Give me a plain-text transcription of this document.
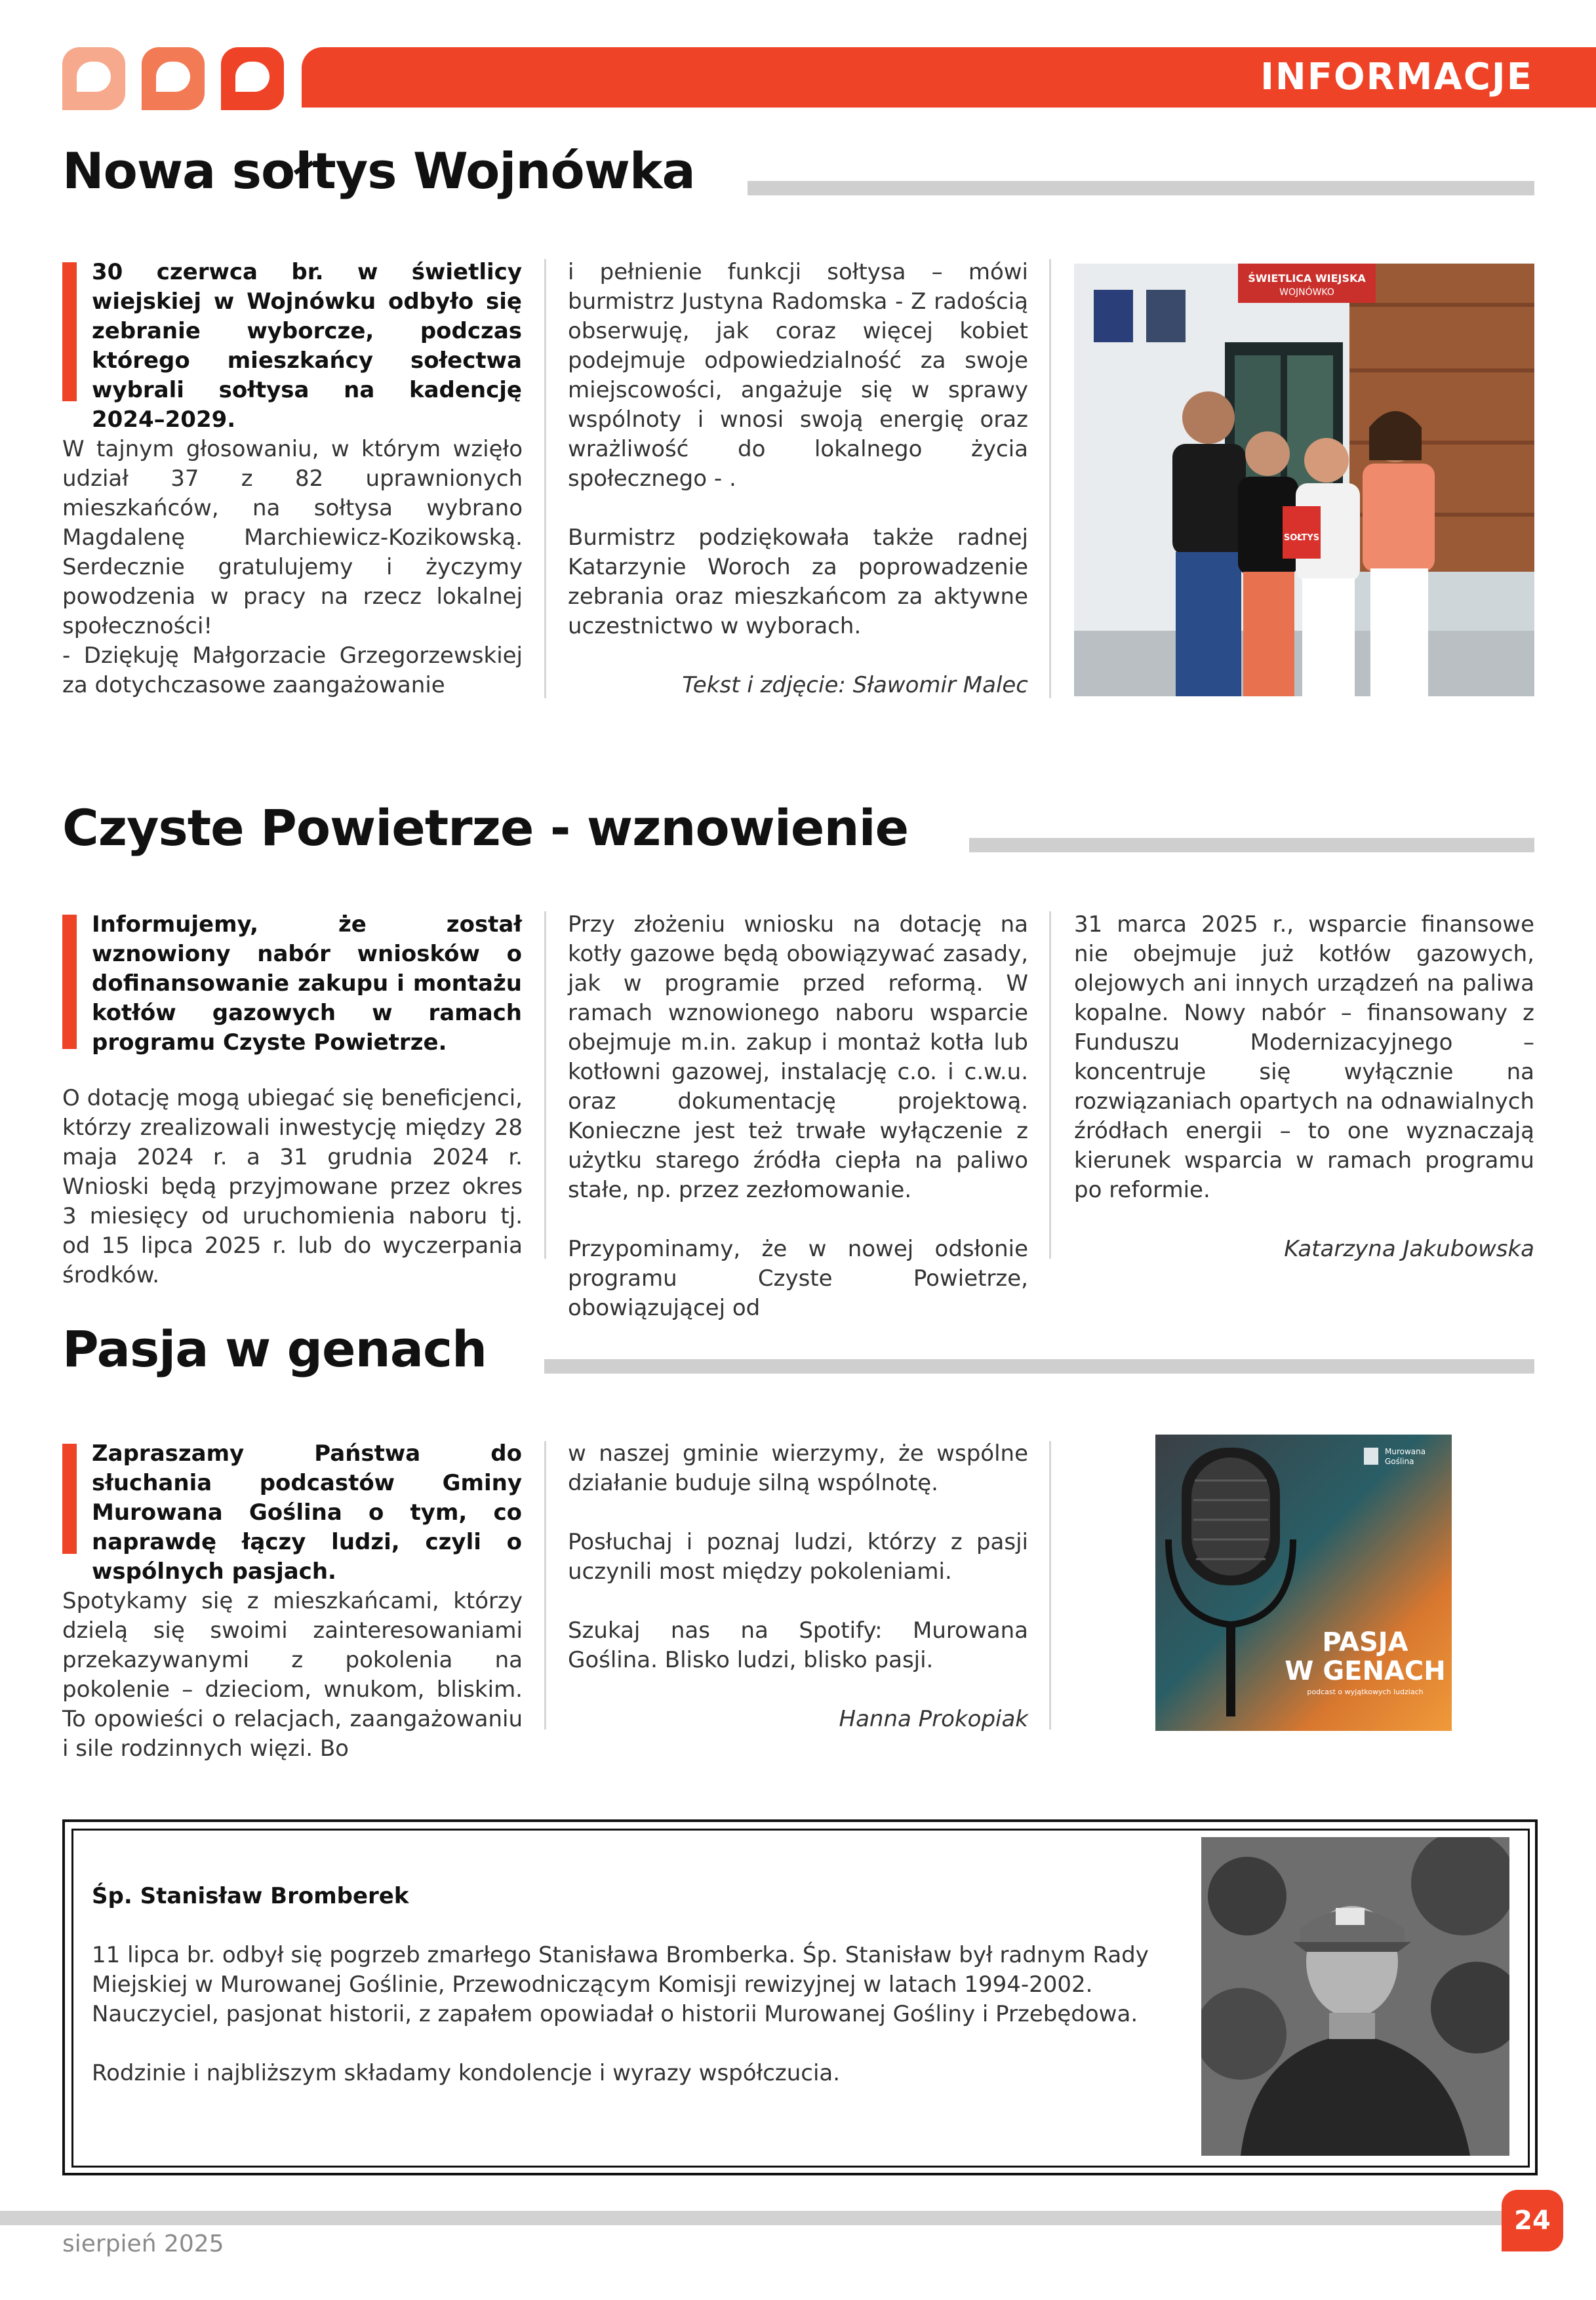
INFORMACJE
Nowa sołtys Wojnówka

30 czerwca br. w świetlicy wiejskiej w Wojnówku odbyło się zebranie wyborcze, podczas którego mieszkańcy sołectwa wybrali sołtysa na kadencję 2024–2029.

W tajnym głosowaniu, w którym wzięło udział 37 z 82 uprawnionych mieszkańców, na sołtysa wybrano Magdalenę Marchiewicz-Kozikowską. Serdecznie gratulujemy i życzymy powodzenia w pracy na rzecz lokalnej społeczności!

- Dziękuję Małgorzacie Grzegorzewskiej za dotychczasowe zaangażowanie

i pełnienie funkcji sołtysa – mówi burmistrz Justyna Radomska - Z radością obserwuję, jak coraz więcej kobiet podejmuje odpowiedzialność za swoje miejscowości, angażuje się w sprawy wspólnoty i wnosi swoją energię oraz wrażliwość do lokalnego życia społecznego - .

Burmistrz podziękowała także radnej Katarzynie Woroch za poprowadzenie zebrania oraz mieszkańcom za aktywne uczestnictwo w wyborach.

Tekst i zdjęcie: Sławomir Malec

ŚWIETLICA WIEJSKA
WOJNÓWKO
SOŁTYS
Czyste Powietrze - wznowienie

Informujemy, że został wznowiony nabór wniosków o dofinansowanie zakupu i montażu kotłów gazowych w ramach programu Czyste Powietrze.

O dotację mogą ubiegać się beneficjenci, którzy zrealizowali inwestycję między 28 maja 2024 r. a 31 grudnia 2024 r. Wnioski będą przyjmowane przez okres 3 miesięcy od uruchomienia naboru tj. od 15 lipca 2025 r. lub do wyczerpania środków.

Przy złożeniu wniosku na dotację na kotły gazowe będą obowiązywać zasady, jak w programie przed reformą. W ramach wznowionego naboru wsparcie obejmuje m.in. zakup i montaż kotła lub kotłowni gazowej, instalację c.o. i c.w.u. oraz dokumentację projektową. Konieczne jest też trwałe wyłączenie z użytku starego źródła ciepła na paliwo stałe, np. przez zezłomowanie.

Przypominamy, że w nowej odsłonie programu Czyste Powietrze, obowiązującej od

31 marca 2025 r., wsparcie finansowe nie obejmuje już kotłów gazowych, olejowych ani innych urządzeń na paliwa kopalne. Nowy nabór – finansowany z Funduszu Modernizacyjnego – koncentruje się wyłącznie na rozwiązaniach opartych na odnawialnych źródłach energii – to one wyznaczają kierunek wsparcia w ramach programu po reformie.

Katarzyna Jakubowska

Pasja w genach

Zapraszamy Państwa do słuchania podcastów Gminy Murowana Goślina o tym, co naprawdę łączy ludzi, czyli o wspólnych pasjach.

Spotykamy się z mieszkańcami, którzy dzielą się swoimi zainteresowaniami przekazywanymi z pokolenia na pokolenie – dzieciom, wnukom, bliskim. To opowieści o relacjach, zaangażowaniu i sile rodzinnych więzi. Bo

w naszej gminie wierzymy, że wspólne działanie buduje silną wspólnotę.

Posłuchaj i poznaj ludzi, którzy z pasji uczynili most między pokoleniami.

Szukaj nas na Spotify: Murowana Goślina. Blisko ludzi, blisko pasji.

Hanna Prokopiak

Murowana
Goślina
PASJA
W GENACH
podcast o wyjątkowych ludziach

Śp. Stanisław Bromberek

11 lipca br. odbył się pogrzeb zmarłego Stanisława Bromberka. Śp. Stanisław był radnym Rady Miejskiej w Murowanej Goślinie, Przewodniczącym Komisji rewizyjnej w latach 1994-2002. Nauczyciel, pasjonat historii, z zapałem opowiadał o historii Murowanej Gośliny i Przebędowa.

Rodzinie i najbliższym składamy kondolencje i wyrazy współczucia.

24
sierpień 2025
